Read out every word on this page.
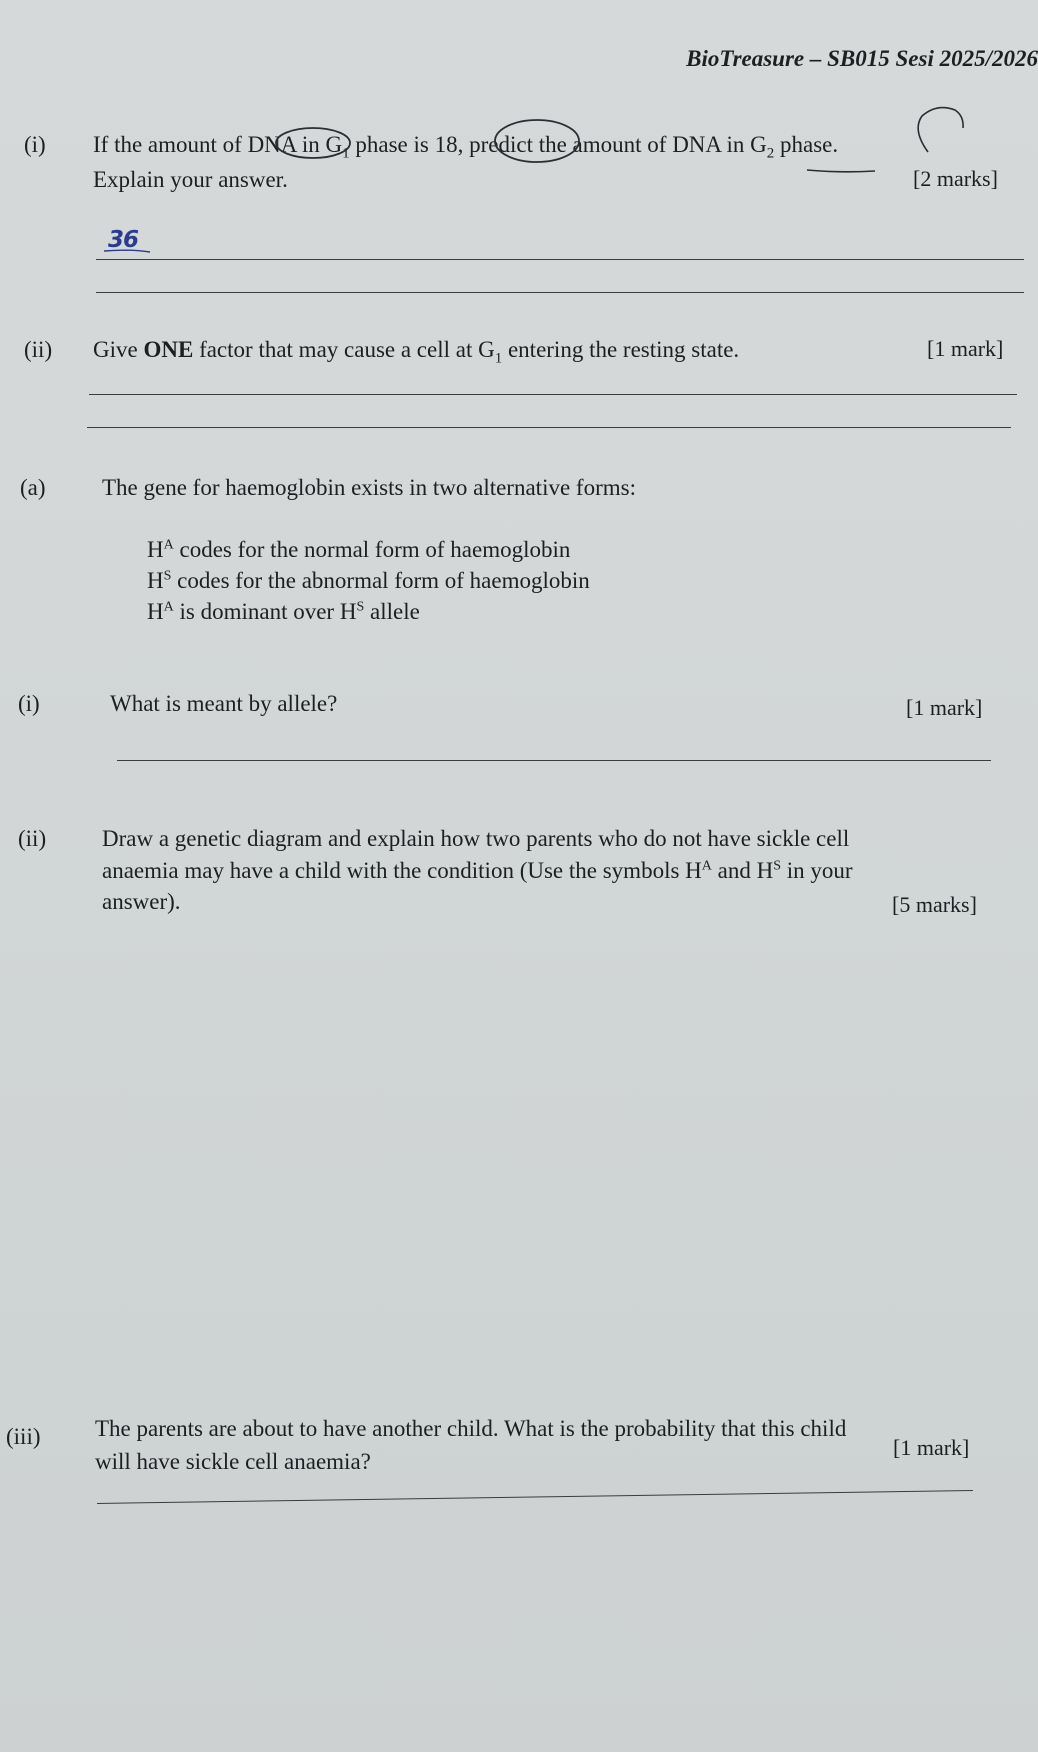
BioTreasure – SB015 Sesi 2025/2026
(i) If the amount of DNA in $G_1$ phase is 18, predict the amount of DNA in $G_2$ phase.
Explain your answer.	[2 marks]
36
(ii) Give ONE factor that may cause a cell at $G_1$ entering the resting state.	[1 mark]
(a) The gene for haemoglobin exists in two alternative forms:
$H^A$ codes for the normal form of haemoglobin
$H^S$ codes for the abnormal form of haemoglobin
$H^A$ is dominant over $H^S$ allele
(i)	What is meant by allele?	[1 mark]
(ii) Draw a genetic diagram and explain how two parents who do not have sickle cell
anaemia may have a child with the condition (Use the symbols $H^A$ and $H^S$ in your
answer).	[5 marks]
(iii) The parents are about to have another child. What is the probability that this child
will have sickle cell anaemia?
[1 mark]
